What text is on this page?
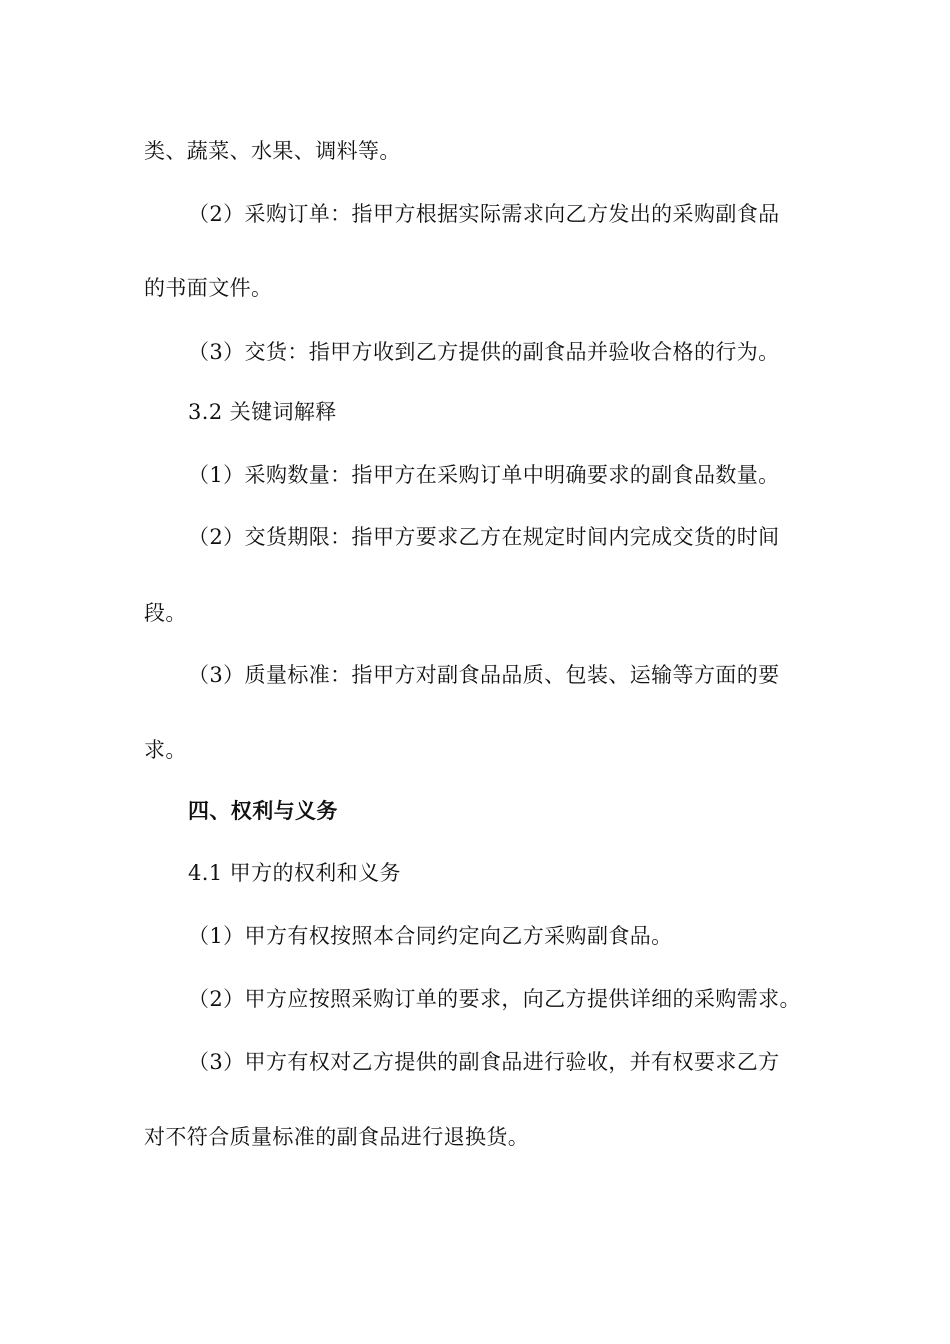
类、蔬菜、水果、调料等。
（2）采购订单：指甲方根据实际需求向乙方发出的采购副食品
的书面文件。
（3）交货：指甲方收到乙方提供的副食品并验收合格的行为。
3.2 关键词解释
（1）采购数量：指甲方在采购订单中明确要求的副食品数量。
（2）交货期限：指甲方要求乙方在规定时间内完成交货的时间
段。
（3）质量标准：指甲方对副食品品质、包装、运输等方面的要
求。
四、权利与义务
4.1 甲方的权利和义务
（1）甲方有权按照本合同约定向乙方采购副食品。
（2）甲方应按照采购订单的要求，向乙方提供详细的采购需求。
（3）甲方有权对乙方提供的副食品进行验收，并有权要求乙方
对不符合质量标准的副食品进行退换货。
